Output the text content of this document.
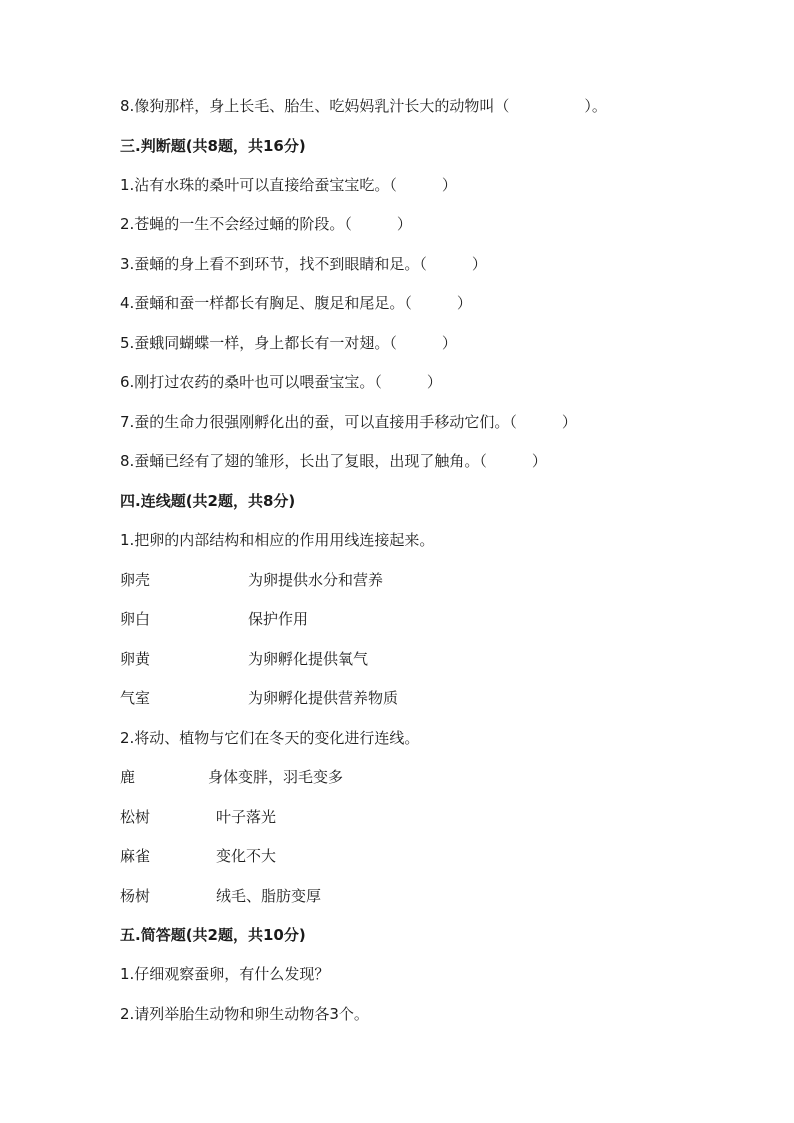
8.像狗那样，身上长毛、胎生、吃妈妈乳汁长大的动物叫（　　　　　）。
三.判断题(共8题，共16分)
1.沾有水珠的桑叶可以直接给蚕宝宝吃。（　　　）
2.苍蝇的一生不会经过蛹的阶段。（　　　）
3.蚕蛹的身上看不到环节，找不到眼睛和足。（　　　）
4.蚕蛹和蚕一样都长有胸足、腹足和尾足。（　　　）
5.蚕蛾同蝴蝶一样，身上都长有一对翅。（　　　）
6.刚打过农药的桑叶也可以喂蚕宝宝。（　　　）
7.蚕的生命力很强刚孵化出的蚕，可以直接用手移动它们。（　　　）
8.蚕蛹已经有了翅的雏形，长出了复眼，出现了触角。（　　　）
四.连线题(共2题，共8分)
1.把卵的内部结构和相应的作用用线连接起来。
卵壳	为卵提供水分和营养
卵白	保护作用
卵黄	为卵孵化提供氧气
气室	为卵孵化提供营养物质
2.将动、植物与它们在冬天的变化进行连线。
鹿	身体变胖，羽毛变多
松树	叶子落光
麻雀	变化不大
杨树	绒毛、脂肪变厚
五.简答题(共2题，共10分)
1.仔细观察蚕卵，有什么发现？
2.请列举胎生动物和卵生动物各3个。
